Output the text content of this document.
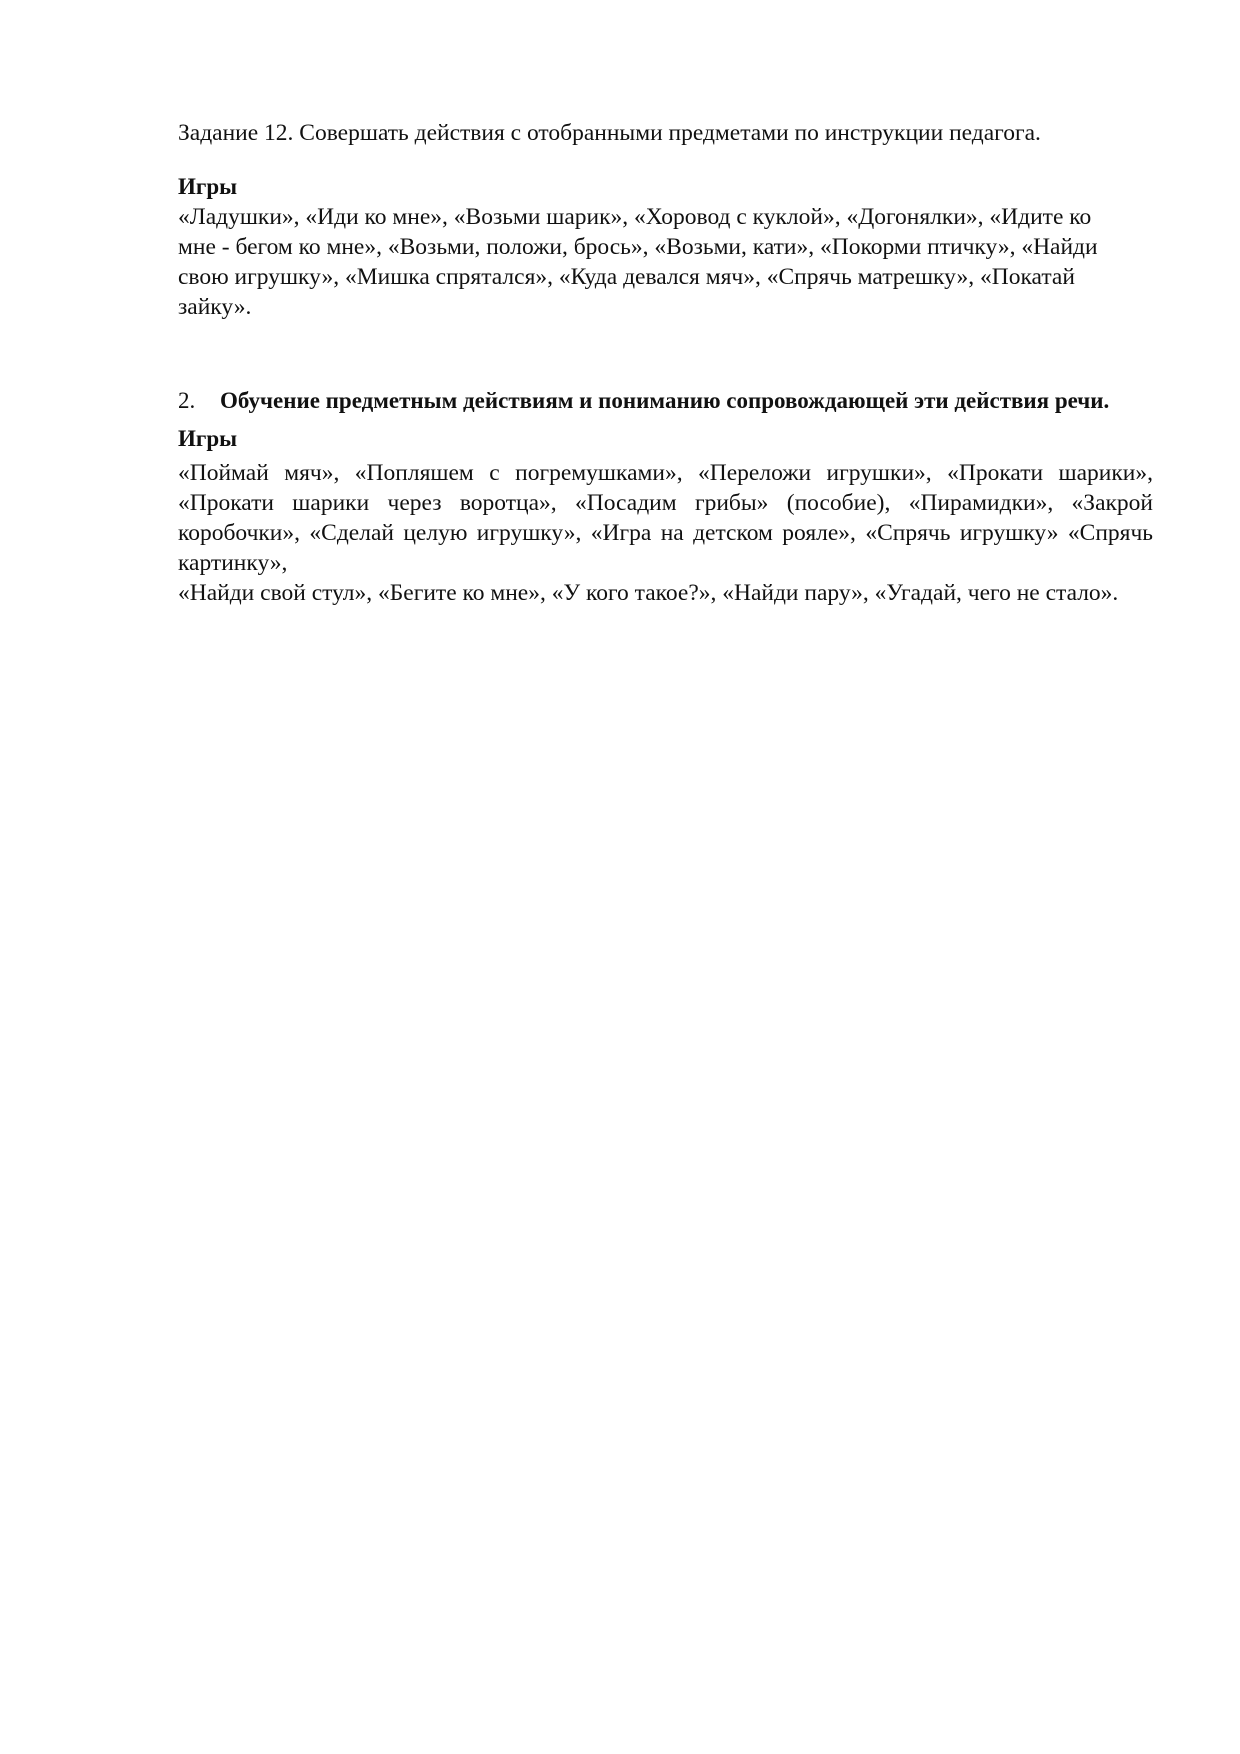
Задание 12. Совершать действия с отобранными предметами по инструкции педагога.

Игры

«Ладушки», «Иди ко мне», «Возьми шарик», «Хоровод с куклой», «Догонялки», «Идите ко мне - бегом ко мне», «Возьми, положи, брось», «Возьми, кати», «Покорми птичку», «Найди свою игрушку», «Мишка спрятался», «Куда девался мяч», «Спрячь матрешку», «Покатай зайку».

2. Обучение предметным действиям и пониманию сопровождающей эти действия речи. Игры

«Поймай мяч», «Попляшем с погремушками», «Переложи игрушки», «Прокати шарики», «Прокати шарики через воротца», «Посадим грибы» (пособие), «Пирамидки», «Закрой коробочки», «Сделай целую игрушку», «Игра на детском рояле», «Спрячь игрушку» «Спрячь картинку»,
«Найди свой стул», «Бегите ко мне», «У кого такое?», «Найди пару», «Угадай, чего не стало».
